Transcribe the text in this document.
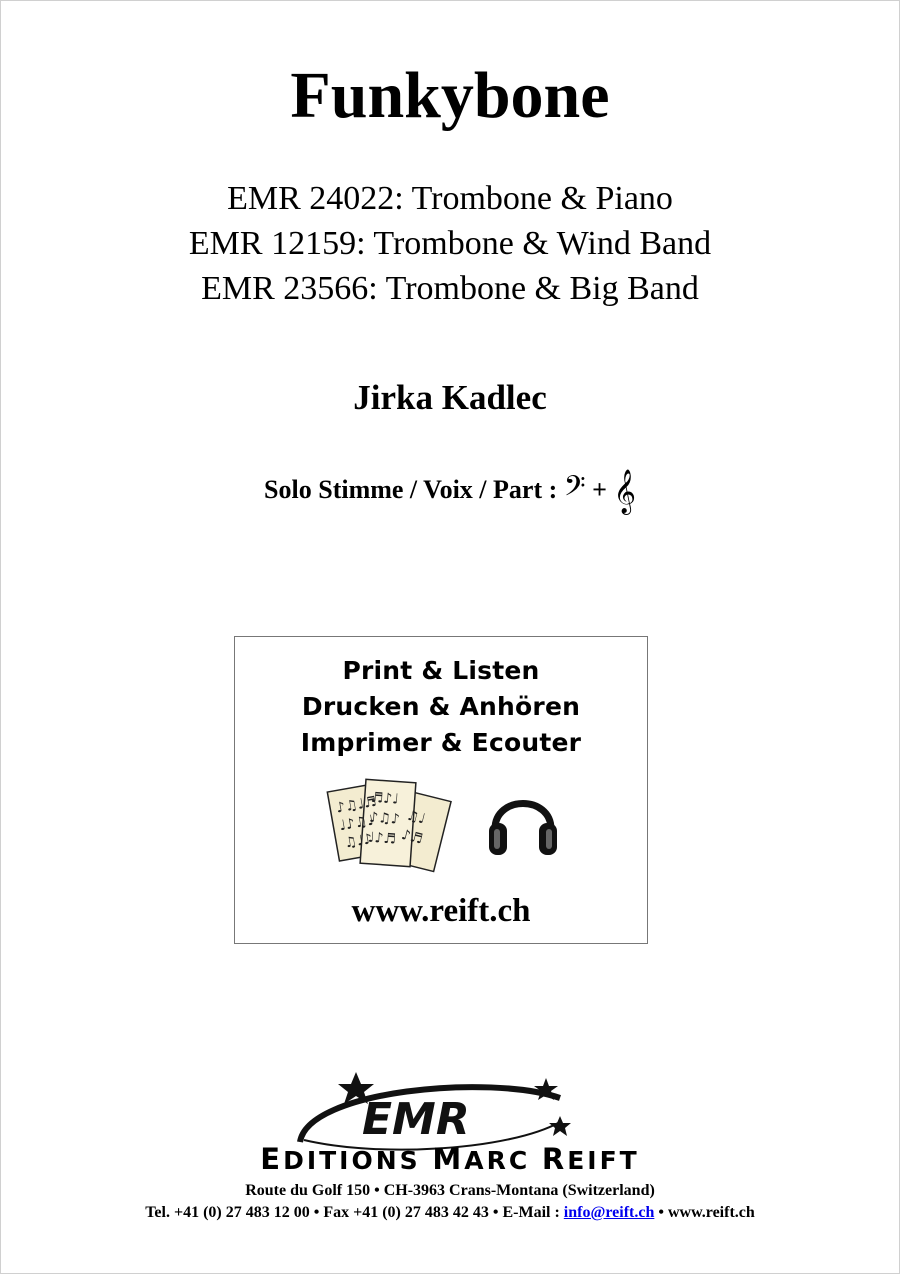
Funkybone
EMR 24022: Trombone & Piano
EMR 12159: Trombone & Wind Band
EMR 23566: Trombone & Big Band
Jirka Kadlec
Solo Stimme / Voix / Part : 𝄢 + 𝄞
Print & Listen
Drucken & Anhören
Imprimer & Ecouter
♪♫♩♬
♩♪♫♩
♫♩♪
♬♪♩
♪♫♪
♩♪♬
♫♩
♪♬
www.reift.ch
EMR
EDITIONS MARC REIFT
Route du Golf 150 • CH-3963 Crans-Montana (Switzerland)
Tel. +41 (0) 27 483 12 00 • Fax +41 (0) 27 483 42 43 • E-Mail : info@reift.ch • www.reift.ch
